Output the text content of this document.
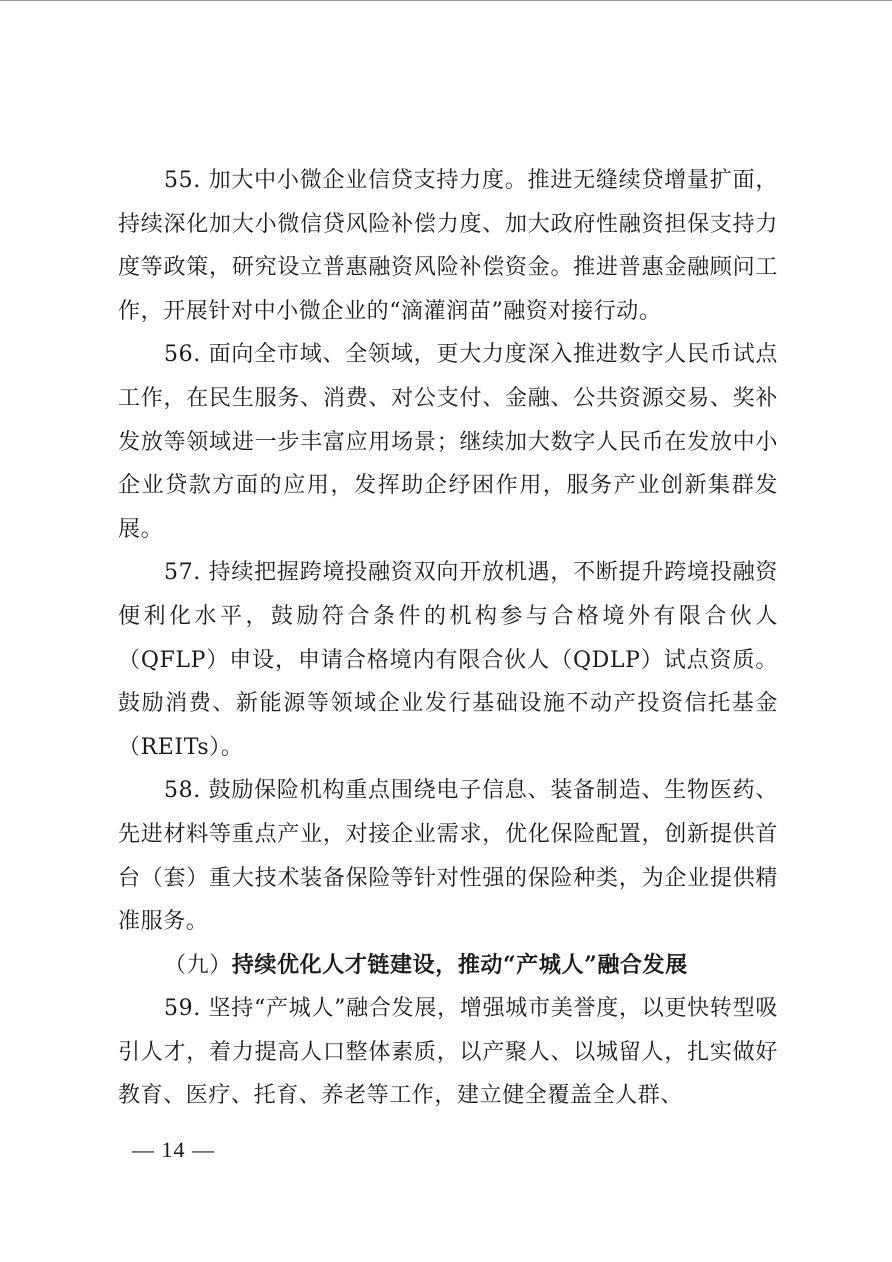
55. 加大中小微企业信贷支持力度。推进无缝续贷增量扩面，持续深化加大小微信贷风险补偿力度、加大政府性融资担保支持力度等政策，研究设立普惠融资风险补偿资金。推进普惠金融顾问工作，开展针对中小微企业的“滴灌润苗”融资对接行动。

56. 面向全市域、全领域，更大力度深入推进数字人民币试点工作，在民生服务、消费、对公支付、金融、公共资源交易、奖补发放等领域进一步丰富应用场景；继续加大数字人民币在发放中小企业贷款方面的应用，发挥助企纾困作用，服务产业创新集群发展。

57. 持续把握跨境投融资双向开放机遇，不断提升跨境投融资便利化水平，鼓励符合条件的机构参与合格境外有限合伙人（QFLP）申设，申请合格境内有限合伙人（QDLP）试点资质。鼓励消费、新能源等领域企业发行基础设施不动产投资信托基金（REITs）。

58. 鼓励保险机构重点围绕电子信息、装备制造、生物医药、先进材料等重点产业，对接企业需求，优化保险配置，创新提供首台（套）重大技术装备保险等针对性强的保险种类，为企业提供精准服务。

（九）持续优化人才链建设，推动“产城人”融合发展

59. 坚持“产城人”融合发展，增强城市美誉度，以更快转型吸引人才，着力提高人口整体素质，以产聚人、以城留人，扎实做好教育、医疗、托育、养老等工作，建立健全覆盖全人群、

— 14 —
